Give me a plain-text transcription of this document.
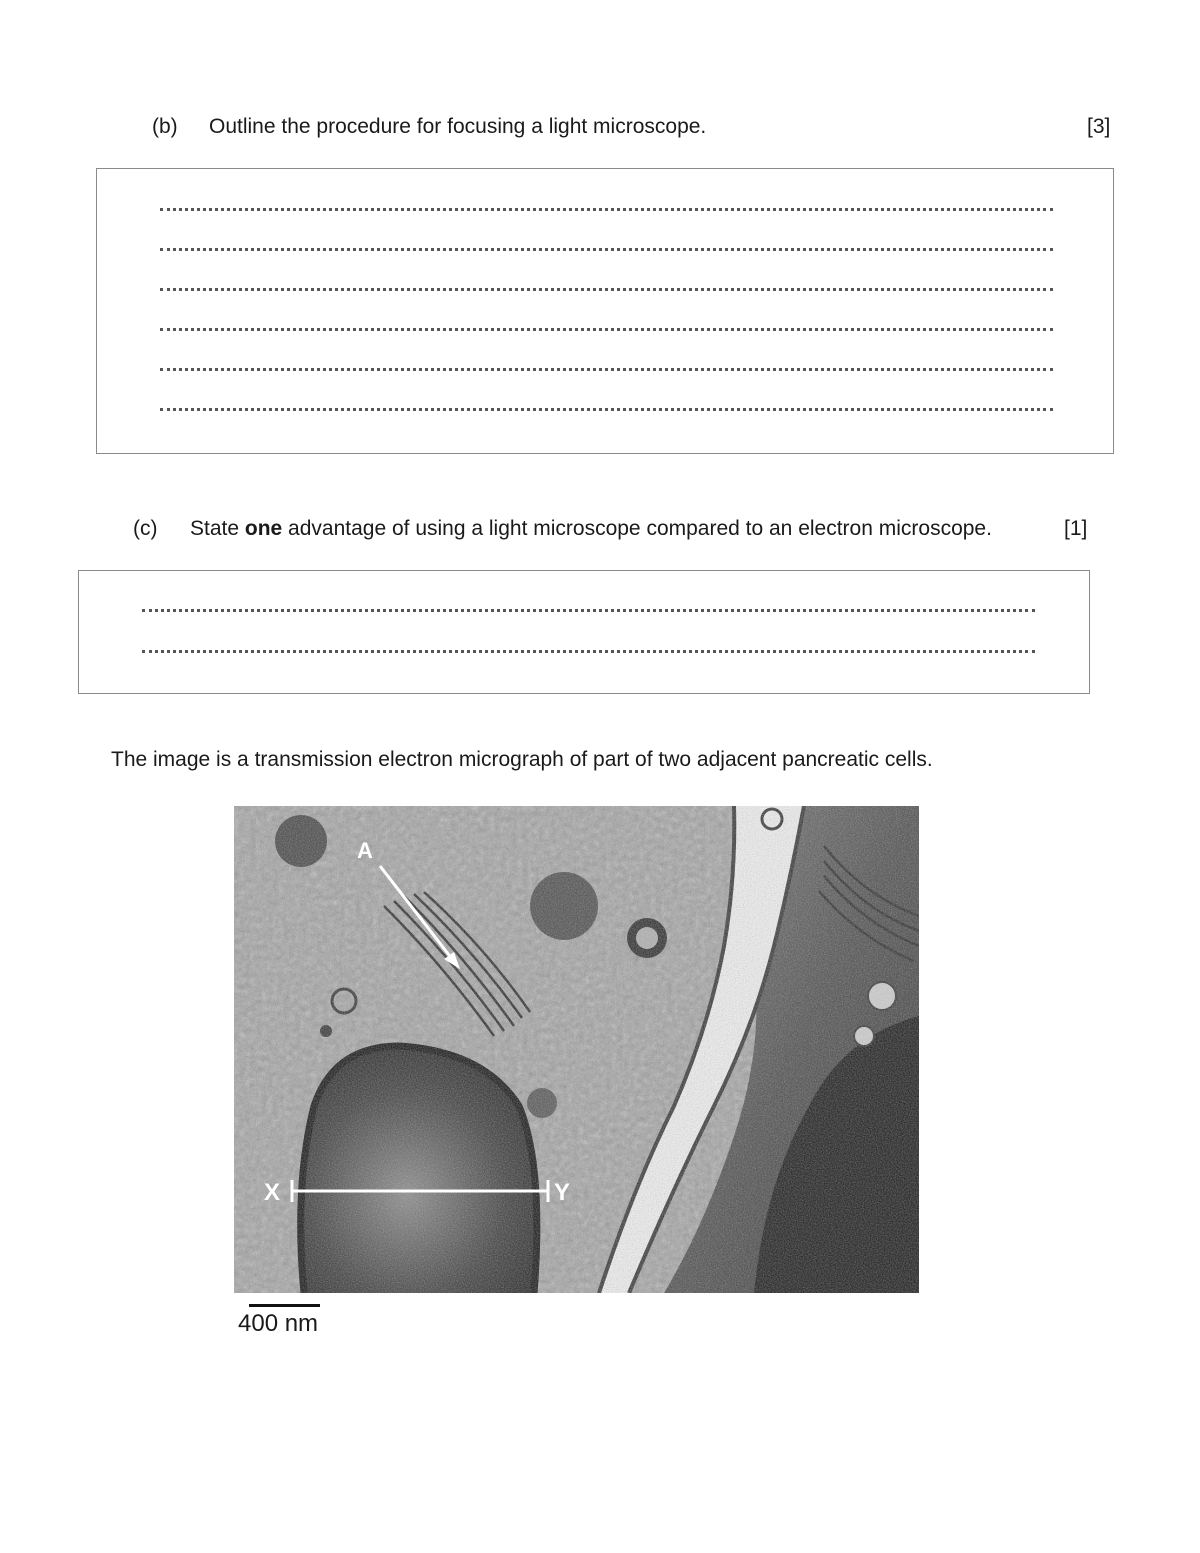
(b) Outline the procedure for focusing a light microscope.	[3]
(c) State one advantage of using a light microscope compared to an electron microscope.	[1]
The image is a transmission electron micrograph of part of two adjacent pancreatic cells.
A
X	Y
400 nm
